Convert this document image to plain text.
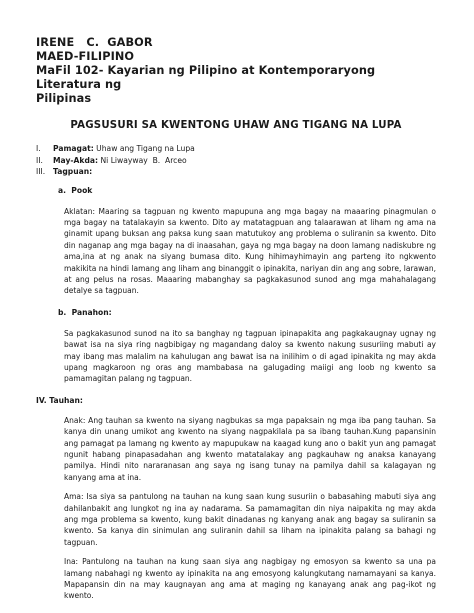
IRENE   C.  GABOR
MAED-FILIPINO
MaFil 102- Kayarian ng Pilipino at Kontemporaryong Literatura ng
Pilipinas
PAGSUSURI SA KWENTONG UHAW ANG TIGANG NA LUPA
I.	Pamagat: Uhaw ang Tigang na Lupa
II.	May-Akda: Ni Liwayway  B.  Arceo
III.	Tagpuan:
a.  Pook
Aklatan: Maaring sa tagpuan ng kwento mapupuna ang mga bagay na maaaring pinagmulan o mga bagay na tatalakayin sa kwento. Dito ay matatagpuan ang talaarawan at liham ng ama na ginamit upang buksan ang paksa kung saan matutukoy ang problema o suliranin sa kwento. Dito din naganap ang mga bagay na di inaasahan, gaya ng mga bagay na doon lamang nadiskubre ng ama,ina at ng anak na siyang bumasa dito. Kung hihimayhimayin ang parteng ito ngkwento makikita na hindi lamang ang liham ang binanggit o ipinakita, nariyan din ang ang sobre, larawan, at ang pelus na rosas. Maaaring mabanghay sa pagkakasunod sunod ang mga mahahalagang detalye sa tagpuan.
b.  Panahon:
Sa pagkakasunod sunod na ito sa banghay ng tagpuan ipinapakita ang pagkakaugnay ugnay ng bawat isa na siya ring nagbibigay ng magandang daloy sa kwento nakung susuriing mabuti ay may ibang mas malalim na kahulugan ang bawat isa na inilihim o di agad ipinakita ng may akda upang magkaroon ng oras ang mambabasa na galugading maiigi ang loob ng kwento sa pamamagitan palang ng tagpuan.
IV. Tauhan:
Anak: Ang tauhan sa kwento na siyang nagbukas sa mga papaksain ng mga iba pang tauhan. Sa kanya din unang umikot ang kwento na siyang nagpakilala pa sa ibang tauhan.Kung papansinin ang pamagat pa lamang ng kwento ay mapupukaw na kaagad kung ano o bakit yun ang pamagat ngunit habang pinapasadahan ang kwento matatalakay ang pagkauhaw ng anaksa kanayang pamilya. Hindi nito nararanasan ang saya ng isang tunay na pamilya dahil sa kalagayan ng kanyang ama at ina.
Ama: Isa siya sa pantulong na tauhan na kung saan kung susuriin o babasahing mabuti siya ang dahilanbakit ang lungkot ng ina ay nadarama. Sa pamamagitan din niya naipakita ng may akda ang mga problema sa kwento, kung bakit dinadanas ng kanyang anak ang bagay sa suliranin sa kwento. Sa kanya din sinimulan ang suliranin dahil sa liham na ipinakita palang sa bahagi ng tagpuan.
Ina: Pantulong na tauhan na kung saan siya ang nagbigay ng emosyon sa kwento sa una pa lamang nabahagi ng kwento ay ipinakita na ang emosyong kalungkutang namamayani sa kanya. Mapapansin din na may kaugnayan ang ama at maging ng kanayang anak ang pag-ikot ng kwento.
